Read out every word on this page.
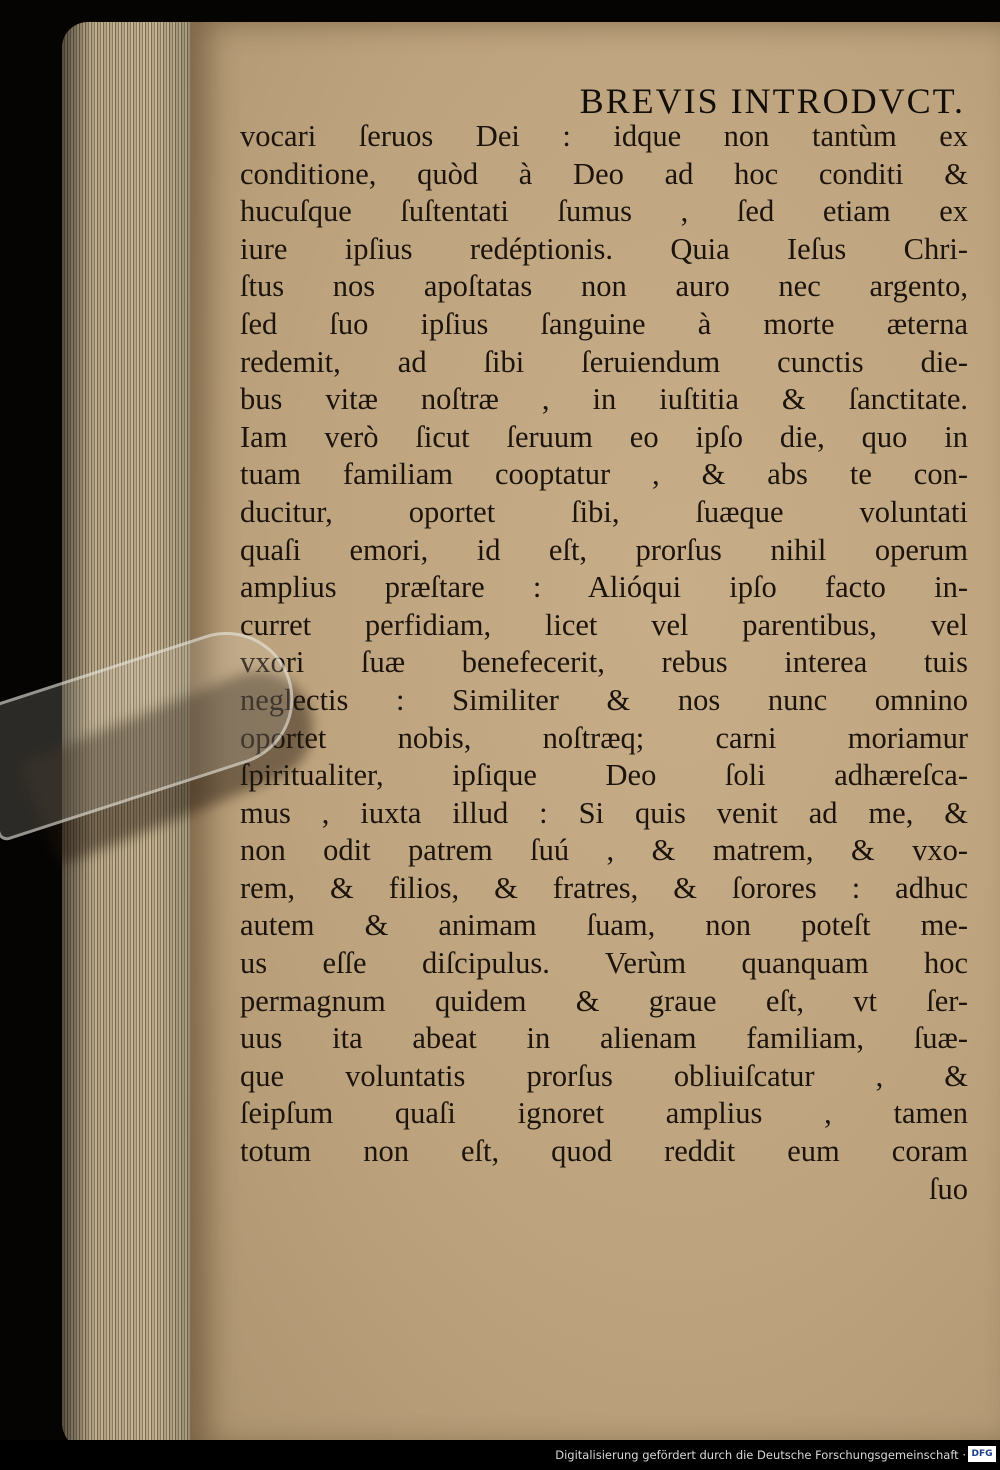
BREVIS INTRODVCT.
vocari ſeruos Dei : idque non tantùm ex
conditione, quòd à Deo ad hoc conditi &
hucuſque ſuſtentati ſumus , ſed etiam ex
iure ipſius redéptionis. Quia Ieſus Chri-
ſtus nos apoſtatas non auro nec argento,
ſed ſuo ipſius ſanguine à morte æterna
redemit, ad ſibi ſeruiendum cunctis die-
bus vitæ noſtræ , in iuſtitia & ſanctitate.
Iam verò ſicut ſeruum eo ipſo die, quo in
tuam familiam cooptatur , & abs te con-
ducitur, oportet ſibi, ſuæque voluntati
quaſi emori, id eſt, prorſus nihil operum
amplius præſtare : Alióqui ipſo facto in-
curret perfidiam, licet vel parentibus, vel
vxori ſuæ benefecerit, rebus interea tuis
neglectis : Similiter & nos nunc omnino
oportet nobis, noſtræq; carni moriamur
ſpiritualiter, ipſique Deo ſoli adhæreſca-
mus , iuxta illud : Si quis venit ad me, &
non odit patrem ſuú , & matrem, & vxo-
rem, & filios, & fratres, & ſorores : adhuc
autem & animam ſuam, non poteſt me-
us eſſe diſcipulus. Verùm quanquam hoc
permagnum quidem & graue eſt, vt ſer-
uus ita abeat in alienam familiam, ſuæ-
que voluntatis prorſus obliuiſcatur , &
ſeipſum quaſi ignoret amplius , tamen
totum non eſt, quod reddit eum coram
ſuo
Digitalisierung gefördert durch die Deutsche Forschungsgemeinschaft · DFG
